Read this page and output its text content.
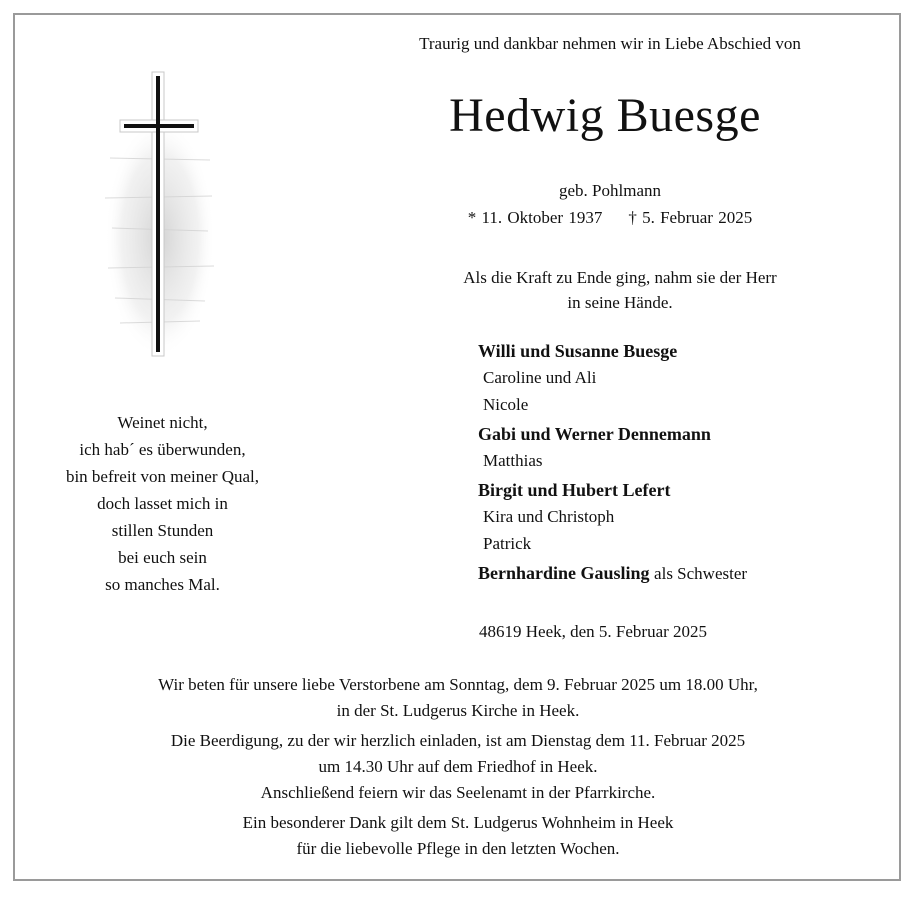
Traurig und dankbar nehmen wir in Liebe Abschied von
Hedwig Buesge
geb. Pohlmann
* 11. Oktober 1937 † 5. Februar 2025
Als die Kraft zu Ende ging, nahm sie der Herr
in seine Hände.
Willi und Susanne Buesge
Caroline und Ali
Nicole
Gabi und Werner Dennemann
Matthias
Birgit und Hubert Lefert
Kira und Christoph
Patrick
Bernhardine Gausling als Schwester
48619 Heek, den 5. Februar 2025
Weinet nicht,
ich hab´ es überwunden,
bin befreit von meiner Qual,
doch lasset mich in
stillen Stunden
bei euch sein
so manches Mal.
Wir beten für unsere liebe Verstorbene am Sonntag, dem 9. Februar 2025 um 18.00 Uhr,
in der St. Ludgerus Kirche in Heek.
Die Beerdigung, zu der wir herzlich einladen, ist am Dienstag dem 11. Februar 2025
um 14.30 Uhr auf dem Friedhof in Heek.
Anschließend feiern wir das Seelenamt in der Pfarrkirche.
Ein besonderer Dank gilt dem St. Ludgerus Wohnheim in Heek
für die liebevolle Pflege in den letzten Wochen.
